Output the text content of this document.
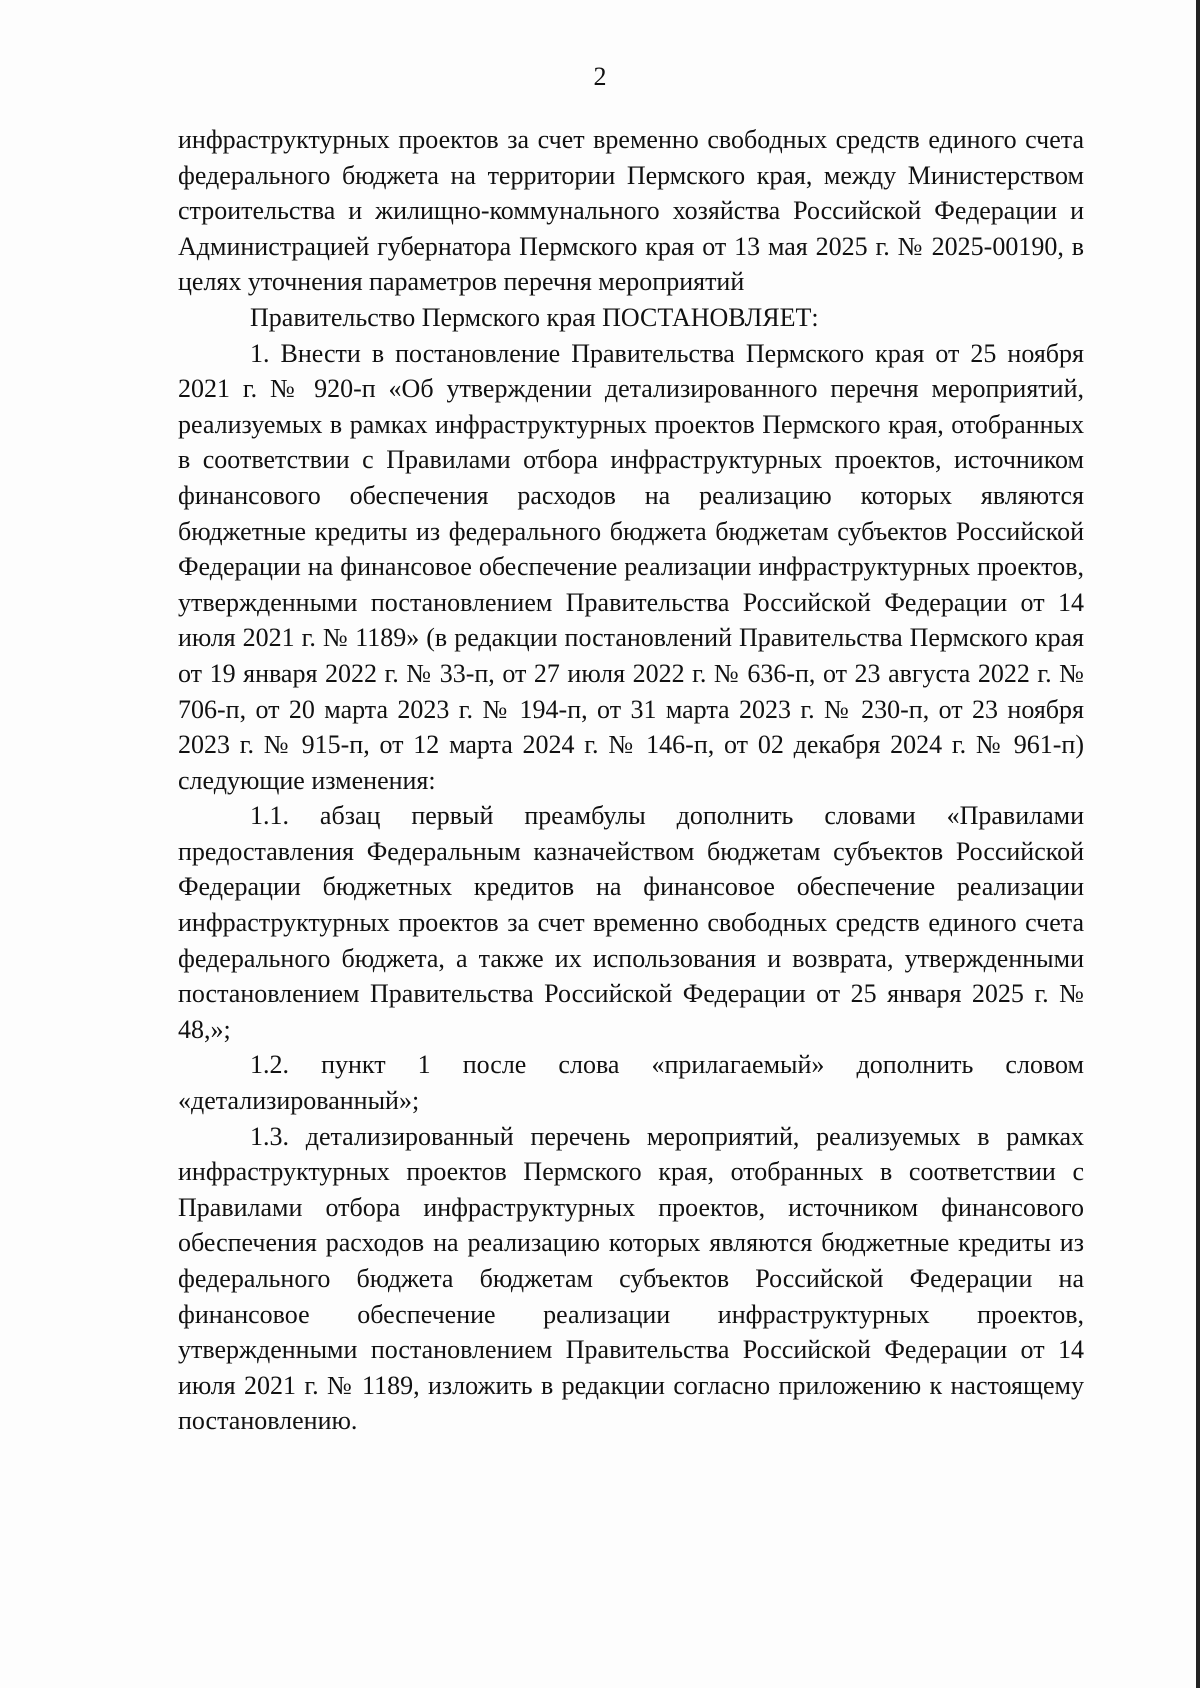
2

инфраструктурных проектов за счет временно свободных средств единого счета федерального бюджета на территории Пермского края, между Министерством строительства и жилищно-коммунального хозяйства Российской Федерации и Администрацией губернатора Пермского края от 13 мая 2025 г. № 2025-00190, в целях уточнения параметров перечня мероприятий

Правительство Пермского края ПОСТАНОВЛЯЕТ:

1. Внести в постановление Правительства Пермского края от 25 ноября 2021 г. № 920-п «Об утверждении детализированного перечня мероприятий, реализуемых в рамках инфраструктурных проектов Пермского края, отобранных в соответствии с Правилами отбора инфраструктурных проектов, источником финансового обеспечения расходов на реализацию которых являются бюджетные кредиты из федерального бюджета бюджетам субъектов Российской Федерации на финансовое обеспечение реализации инфраструктурных проектов, утвержденными постановлением Правительства Российской Федерации от 14 июля 2021 г. № 1189» (в редакции постановлений Правительства Пермского края от 19 января 2022 г. № 33-п, от 27 июля 2022 г. № 636-п, от 23 августа 2022 г. № 706-п, от 20 марта 2023 г. № 194-п, от 31 марта 2023 г. № 230-п, от 23 ноября 2023 г. № 915-п, от 12 марта 2024 г. № 146-п, от 02 декабря 2024 г. № 961-п) следующие изменения:

1.1. абзац первый преамбулы дополнить словами «Правилами предоставления Федеральным казначейством бюджетам субъектов Российской Федерации бюджетных кредитов на финансовое обеспечение реализации инфраструктурных проектов за счет временно свободных средств единого счета федерального бюджета, а также их использования и возврата, утвержденными постановлением Правительства Российской Федерации от 25 января 2025 г. № 48,»;

1.2. пункт 1 после слова «прилагаемый» дополнить словом «детализированный»;

1.3. детализированный перечень мероприятий, реализуемых в рамках инфраструктурных проектов Пермского края, отобранных в соответствии с Правилами отбора инфраструктурных проектов, источником финансового обеспечения расходов на реализацию которых являются бюджетные кредиты из федерального бюджета бюджетам субъектов Российской Федерации на финансовое обеспечение реализации инфраструктурных проектов, утвержденными постановлением Правительства Российской Федерации от 14 июля 2021 г. № 1189, изложить в редакции согласно приложению к настоящему постановлению.
